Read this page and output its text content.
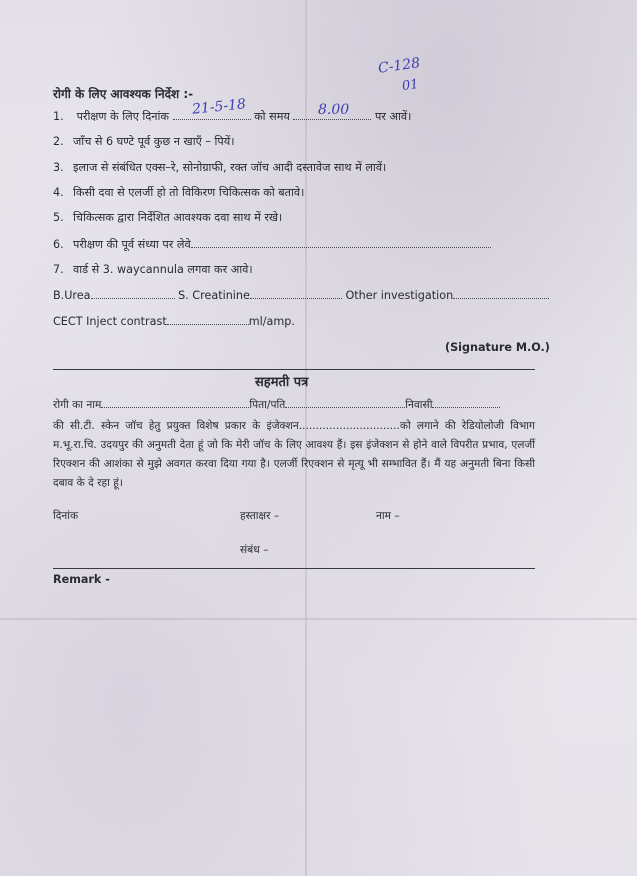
रोगी के लिए आवश्यक निर्देश :-
C-128
01
1. परीक्षण के लिए दिनांक	को समय	पर आवें।
21-5-18	8.00
2. जाँच से 6 घण्टे पूर्व कुछ न खाएँ – पियें।
3. इलाज से संबंधित एक्स–रे, सोनोग्राफी, रक्त जॉच आदी दस्तावेज साथ में लावें।
4. किसी दवा से एलर्जी हो तो विकिरण चिकित्सक को बतावे।
5. चिकित्सक द्वारा निर्देशित आवश्यक दवा साथ में रखे।
6. परीक्षण की पूर्व संध्या पर लेवे
7. वार्ड से 3. waycannula लगवा कर आवे।
B.Urea	S. Creatinine	Other investigation
CECT Inject contrast	ml/amp.
(Signature M.O.)
सहमती पत्र
रोगी का नाम	पिता/पति	निवासी
की सी.टी. स्केन जॉच हेतु प्रयुक्त विशेष प्रकार के इंजेक्शन..............................को लगाने की रेडियोलोजी विभाग म.भू.रा.चि. उदयपुर की अनुमती देता हूं जो कि मेरी जॉच के लिए आवश्य हैं। इस इंजेक्शन से होने वाले विपरीत प्रभाव, एलर्जी रिएक्शन की आशंका से मुझे अवगत करवा दिया गया है। एलर्जी रिएक्शन से मृत्यू भी सम्भावित हैं। मैं यह अनुमती बिना किसी दबाव के दे रहा हूं।
दिनांक	हस्ताक्षर –	नाम –
संबंध –
Remark -
